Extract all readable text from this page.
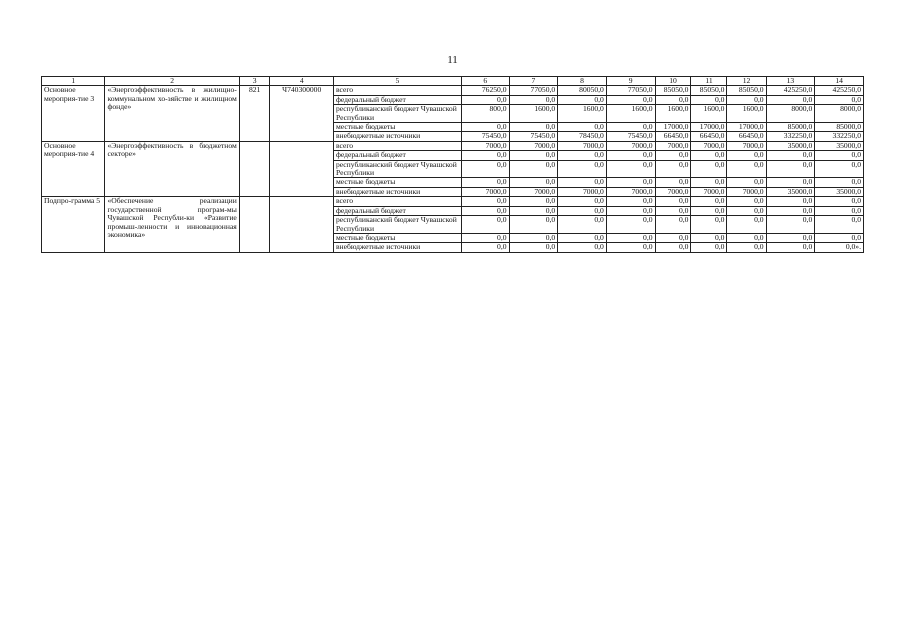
11
1	2	3	4	5	6	7	8	9	10	11	12	13	14
Основное мероприя-тие 3	«Энергоэффективность в жилищно-коммунальном хо-зяйстве и жилищном фонде»	821	Ч740300000	всего	76250,0	77050,0	80050,0	77050,0	85050,0	85050,0	85050,0	425250,0	425250,0
				федеральный бюджет	0,0	0,0	0,0	0,0	0,0	0,0	0,0	0,0	0,0
				республиканский бюджет Чувашской Республики	800,0	1600,0	1600,0	1600,0	1600,0	1600,0	1600,0	8000,0	8000,0
				местные бюджеты	0,0	0,0	0,0	0,0	17000,0	17000,0	17000,0	85000,0	85000,0
				внебюджетные источники	75450,0	75450,0	78450,0	75450,0	66450,0	66450,0	66450,0	332250,0	332250,0
Основное мероприя-тие 4	«Энергоэффективность в бюджетном секторе»			всего	7000,0	7000,0	7000,0	7000,0	7000,0	7000,0	7000,0	35000,0	35000,0
				федеральный бюджет	0,0	0,0	0,0	0,0	0,0	0,0	0,0	0,0	0,0
				республиканский бюджет Чувашской Республики	0,0	0,0	0,0	0,0	0,0	0,0	0,0	0,0	0,0
				местные бюджеты	0,0	0,0	0,0	0,0	0,0	0,0	0,0	0,0	0,0
				внебюджетные источники	7000,0	7000,0	7000,0	7000,0	7000,0	7000,0	7000,0	35000,0	35000,0
Подпро-грамма 5	«Обеспечение реализации государственной програм-мы Чувашской Республи-ки «Развитие промыш-ленности и инновационная экономика»			всего	0,0	0,0	0,0	0,0	0,0	0,0	0,0	0,0	0,0
				федеральный бюджет	0,0	0,0	0,0	0,0	0,0	0,0	0,0	0,0	0,0
				республиканский бюджет Чувашской Республики	0,0	0,0	0,0	0,0	0,0	0,0	0,0	0,0	0,0
				местные бюджеты	0,0	0,0	0,0	0,0	0,0	0,0	0,0	0,0	0,0
				внебюджетные источники	0,0	0,0	0,0	0,0	0,0	0,0	0,0	0,0	0,0».
